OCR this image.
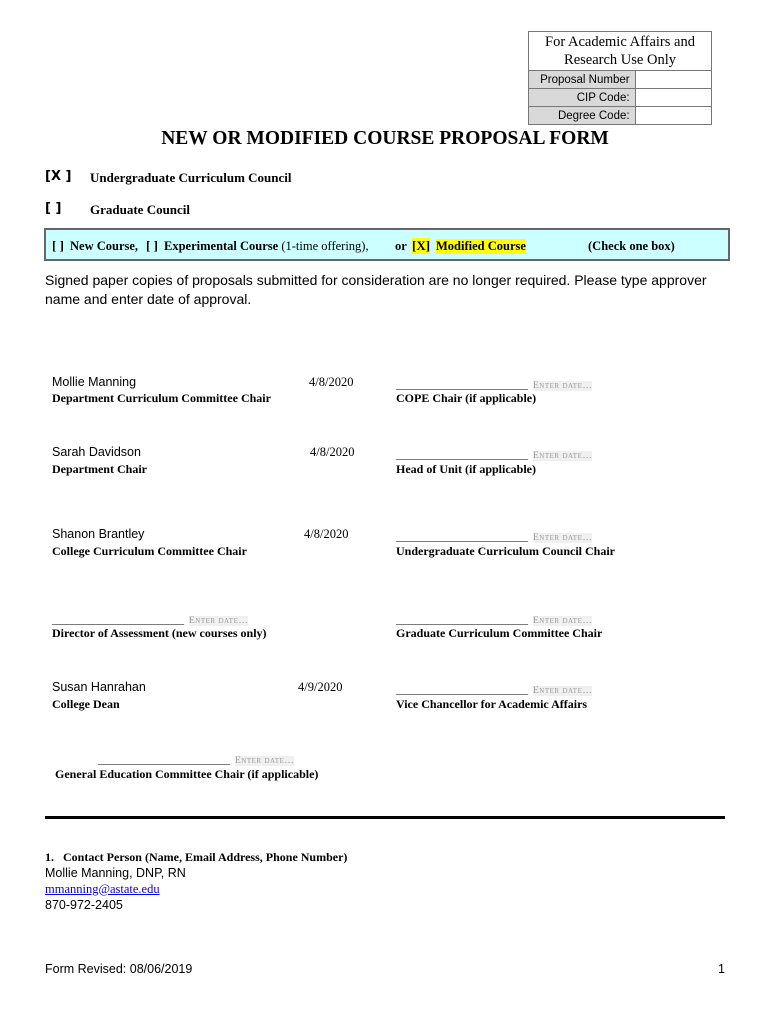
For Academic Affairs and Research Use Only	
Proposal Number	
CIP Code:	
Degree Code:	
NEW OR MODIFIED COURSE PROPOSAL FORM
[X ] Undergraduate Curriculum Council
[ ] Graduate Council
[ ] New Course, [ ] Experimental Course (1-time offering), or [X] Modified Course	(Check one box)
Signed paper copies of proposals submitted for consideration are no longer required. Please type approver name and enter date of approval.
Mollie Manning	4/8/2020
Department Curriculum Committee Chair
________________________ Enter date…
COPE Chair (if applicable)
Sarah Davidson	4/8/2020
Department Chair
________________________ Enter date…
Head of Unit (if applicable)
Shanon Brantley	4/8/2020
College Curriculum Committee Chair
________________________ Enter date…
Undergraduate Curriculum Council Chair
________________________ Enter date…
Director of Assessment (new courses only)
________________________ Enter date…
Graduate Curriculum Committee Chair
Susan Hanrahan	4/9/2020
College Dean
________________________ Enter date…
Vice Chancellor for Academic Affairs
________________________ Enter date…
General Education Committee Chair (if applicable)
1.   Contact Person (Name, Email Address, Phone Number)
Mollie Manning, DNP, RN
mmanning@astate.edu
870-972-2405
Form Revised: 08/06/2019	1
